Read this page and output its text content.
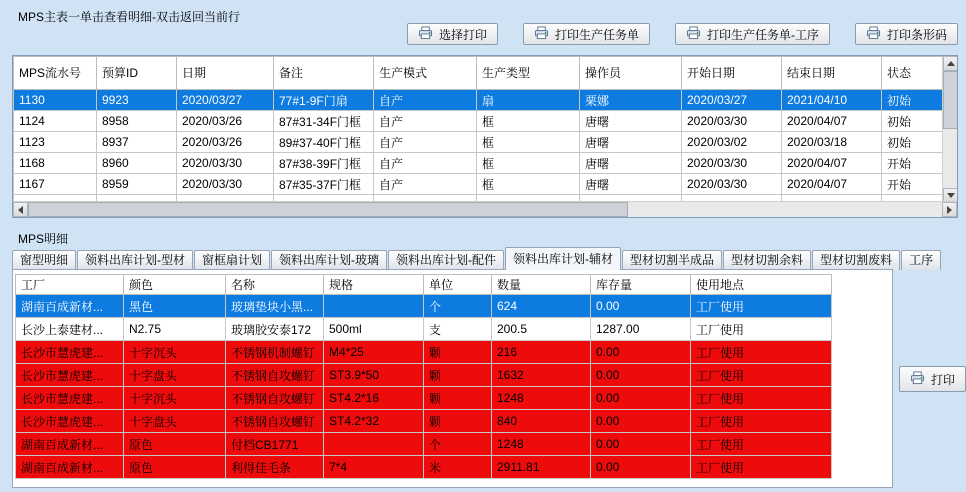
MPS主表一单击查看明细-双击返回当前行
选择打印	打印生产任务单	打印生产任务单-工序	打印条形码
MPS流水号	预算ID	日期	备注	生产模式	生产类型	操作员	开始日期	结束日期	状态
1130	9923	2020/03/27	77#1-9F门扇	自产	扇	栗娜	2020/03/27	2021/04/10	初始
1124	8958	2020/03/26	87#31-34F门框	自产	框	唐曙	2020/03/30	2020/04/07	初始
1123	8937	2020/03/26	89#37-40F门框	自产	框	唐曙	2020/03/02	2020/03/18	初始
1168	8960	2020/03/30	87#38-39F门框	自产	框	唐曙	2020/03/30	2020/04/07	开始
1167	8959	2020/03/30	87#35-37F门框	自产	框	唐曙	2020/03/30	2020/04/07	开始

MPS明细
窗型明细	领料出库计划-型材	窗框扇计划	领料出库计划-玻璃	领料出库计划-配件	领料出库计划-辅材	型材切割半成品	型材切割余料	型材切割废料	工序
工厂	颜色	名称	规格	单位	数量	库存量	使用地点
湖南百成新材...	黑色	玻璃垫块小黑...		个	624	0.00	工厂使用
长沙上泰建材...	N2.75	玻璃胶安泰172	500ml	支	200.5	1287.00	工厂使用
长沙市慧虎建...	十字沉头	不锈钢机制螺钉	M4*25	颗	216	0.00	工厂使用
长沙市慧虎建...	十字盘头	不锈钢自攻螺钉	ST3.9*50	颗	1632	0.00	工厂使用
长沙市慧虎建...	十字沉头	不锈钢自攻螺钉	ST4.2*16	颗	1248	0.00	工厂使用
长沙市慧虎建...	十字盘头	不锈钢自攻螺钉	ST4.2*32	颗	840	0.00	工厂使用
湖南百成新材...	原色	付档CB1771		个	1248	0.00	工厂使用
湖南百成新材...	原色	利得佳毛条	7*4	米	2911.81	0.00	工厂使用
打印
